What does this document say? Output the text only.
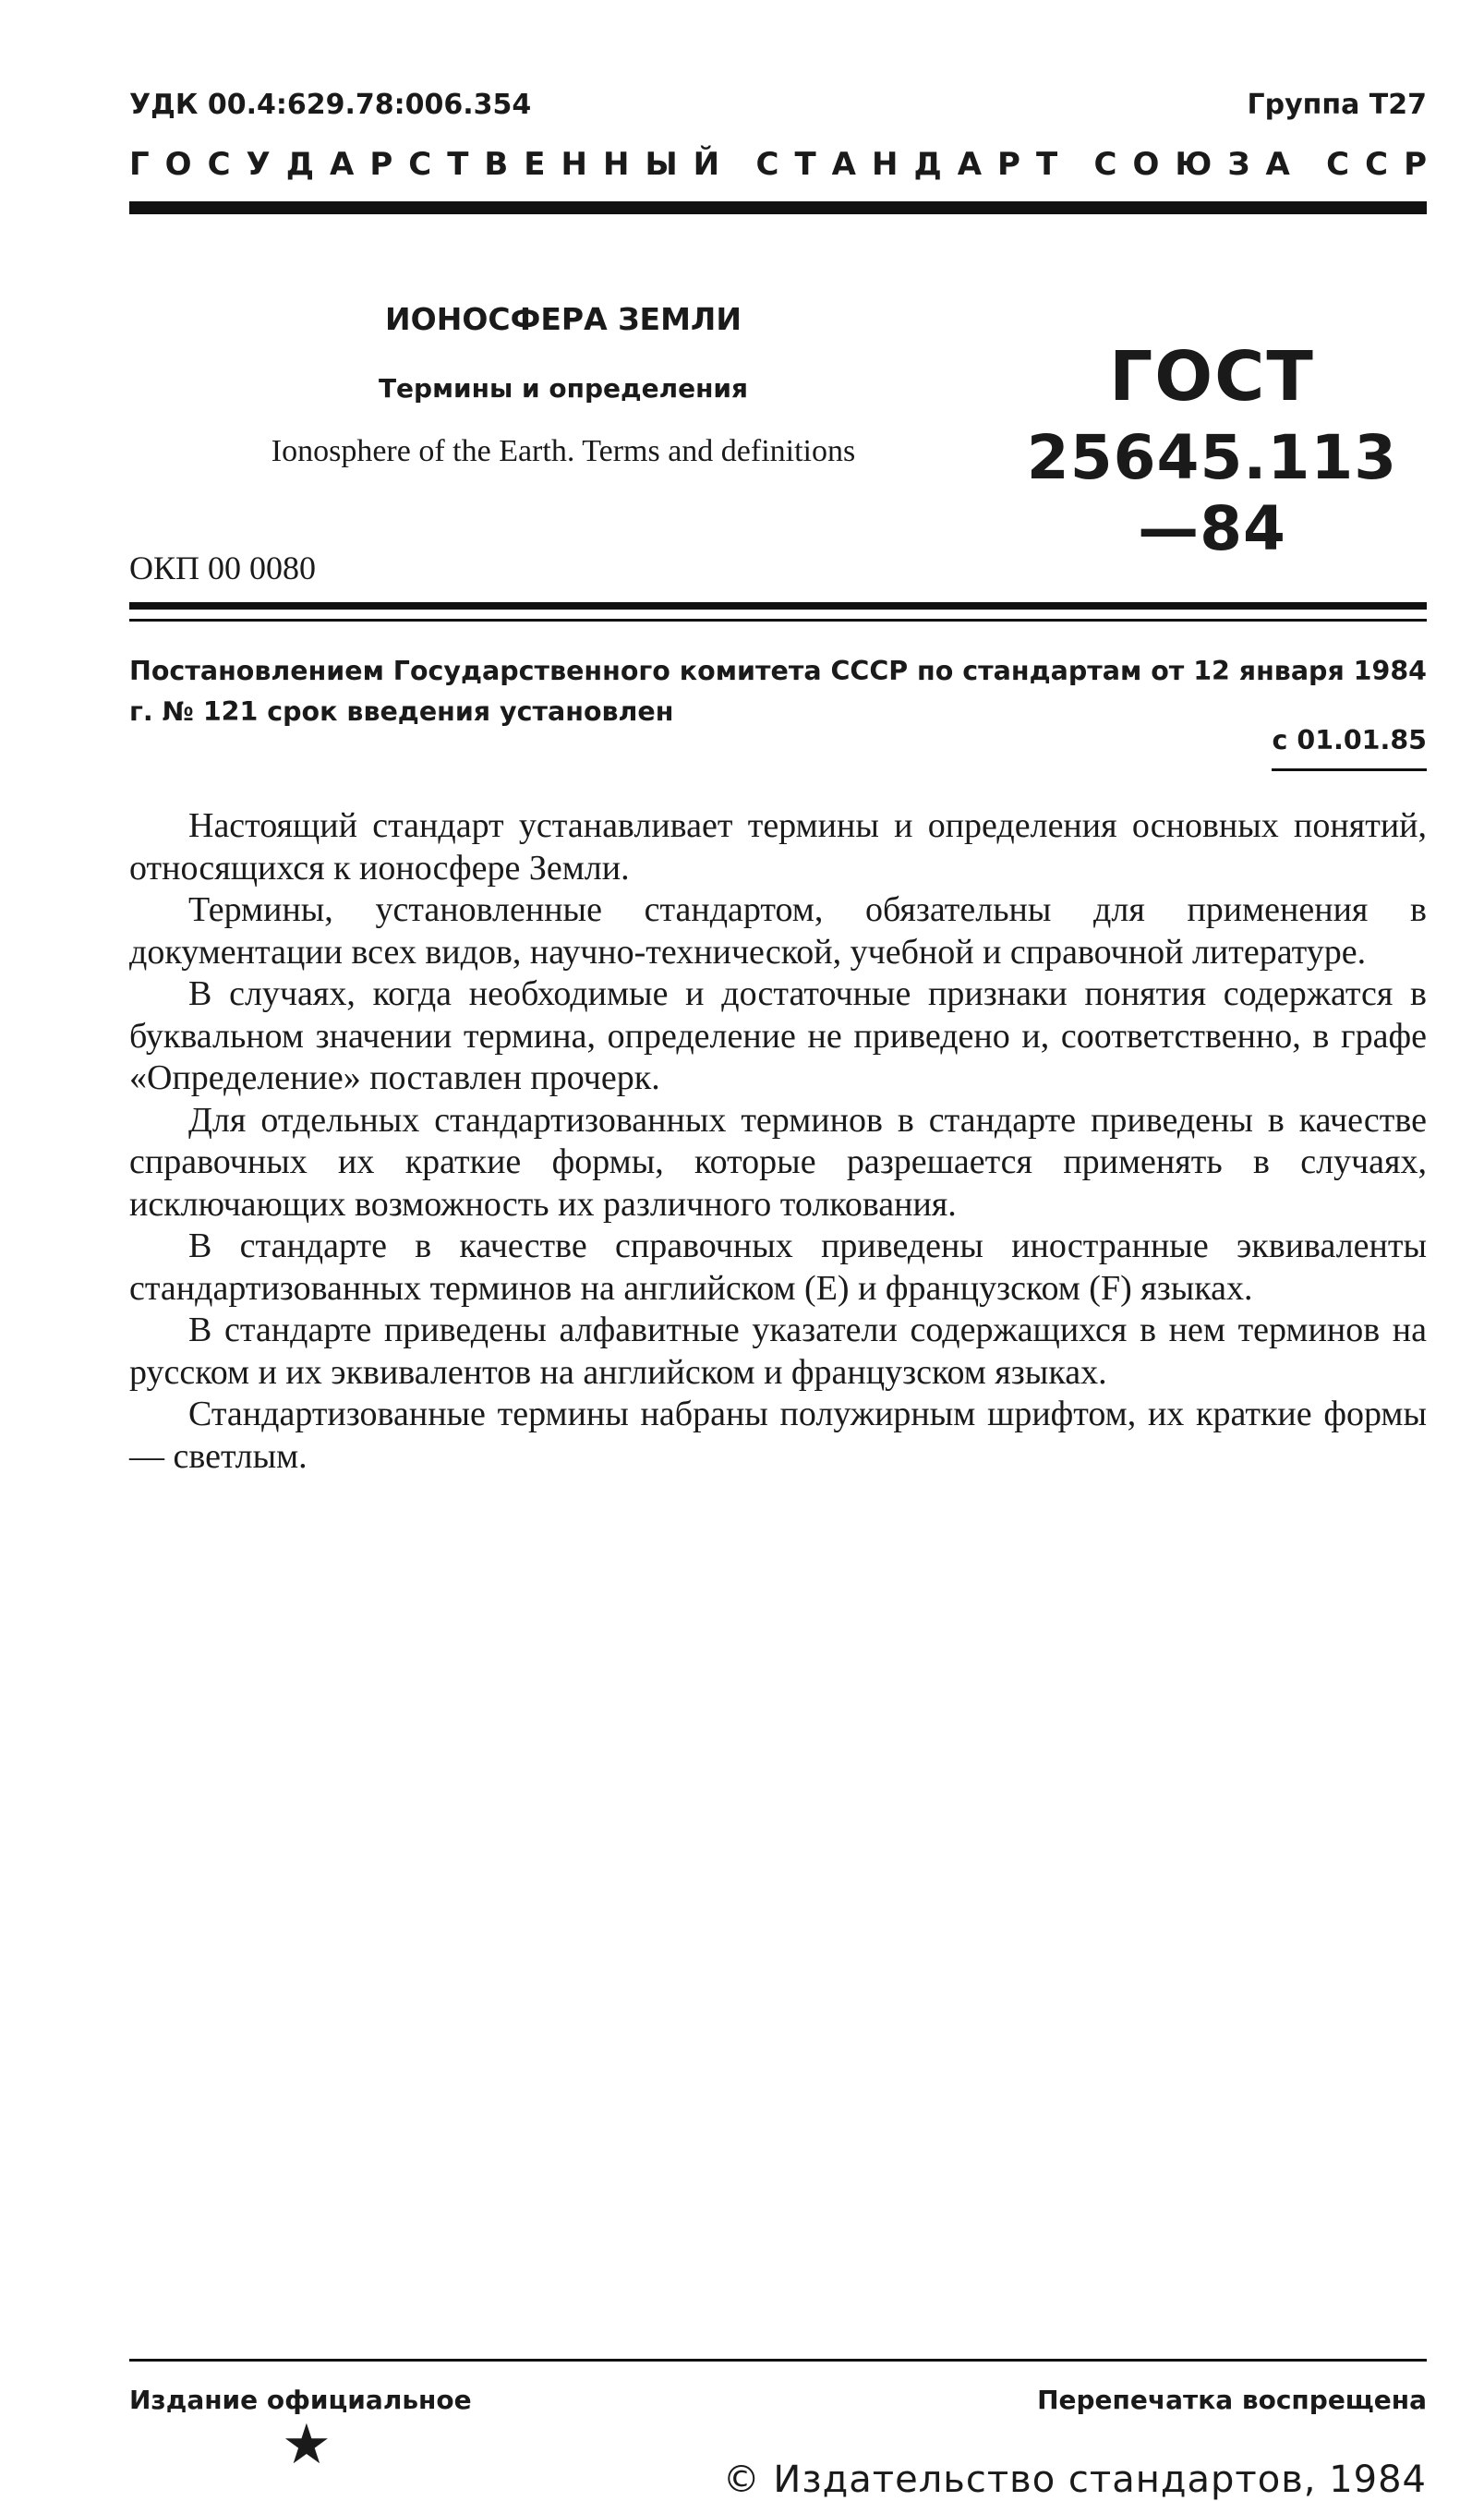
УДК 00.4:629.78:006.354	Группа Т27
ГОСУДАРСТВЕННЫЙ СТАНДАРТ СОЮЗА ССР
ИОНОСФЕРА ЗЕМЛИ
Термины и определения
Ionosphere of the Earth. Terms and definitions
ГОСТ
25645.113—84
ОКП 00 0080
Постановлением Государственного комитета СССР по стандартам от 12 января 1984 г. № 121 срок введения установлен
с 01.01.85

Настоящий стандарт устанавливает термины и определения основных понятий, относящихся к ионосфере Земли.

Термины, установленные стандартом, обязательны для применения в документации всех видов, научно-технической, учебной и справочной литературе.

В случаях, когда необходимые и достаточные признаки понятия содержатся в буквальном значении термина, определение не приведено и, соответственно, в графе «Определение» поставлен прочерк.

Для отдельных стандартизованных терминов в стандарте приведены в качестве справочных их краткие формы, которые разрешается применять в случаях, исключающих возможность их различного толкования.

В стандарте в качестве справочных приведены иностранные эквиваленты стандартизованных терминов на английском (Е) и французском (F) языках.

В стандарте приведены алфавитные указатели содержащихся в нем терминов на русском и их эквивалентов на английском и французском языках.

Стандартизованные термины набраны полужирным шрифтом, их краткие формы — светлым.

Издание официальное	Перепечатка воспрещена
★
© Издательство стандартов, 1984
